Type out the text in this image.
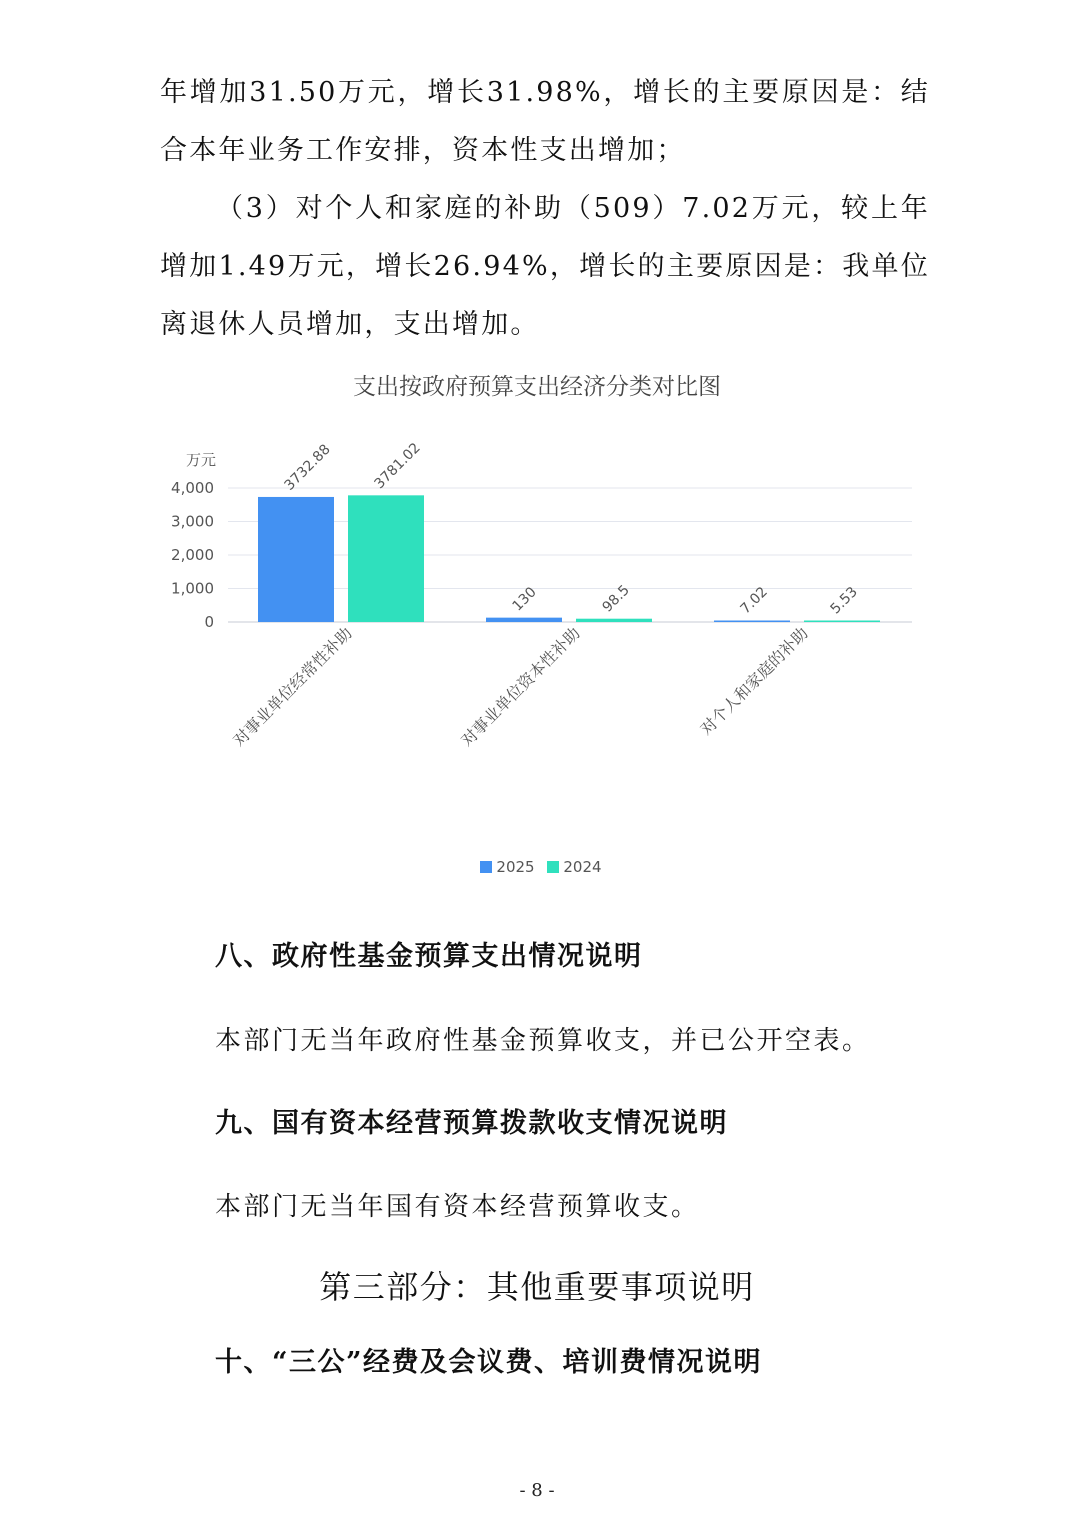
年增加31.50万元，增长31.98%，增长的主要原因是：结合本年业务工作安排，资本性支出增加；

（3）对个人和家庭的补助（509）7.02万元，较上年增加1.49万元，增长26.94%，增长的主要原因是：我单位离退休人员增加，支出增加。

支出按政府预算支出经济分类对比图

0
1,000
2,000
3,000
4,000
万元	3732.88	3781.02
130	98.5	7.02	5.53
对事业单位经常性补助	对事业单位资本性补助	对个人和家庭的补助
2025 2024

八、政府性基金预算支出情况说明

本部门无当年政府性基金预算收支，并已公开空表。

九、国有资本经营预算拨款收支情况说明

本部门无当年国有资本经营预算收支。

第三部分：其他重要事项说明

十、“三公”经费及会议费、培训费情况说明

- 8 -
